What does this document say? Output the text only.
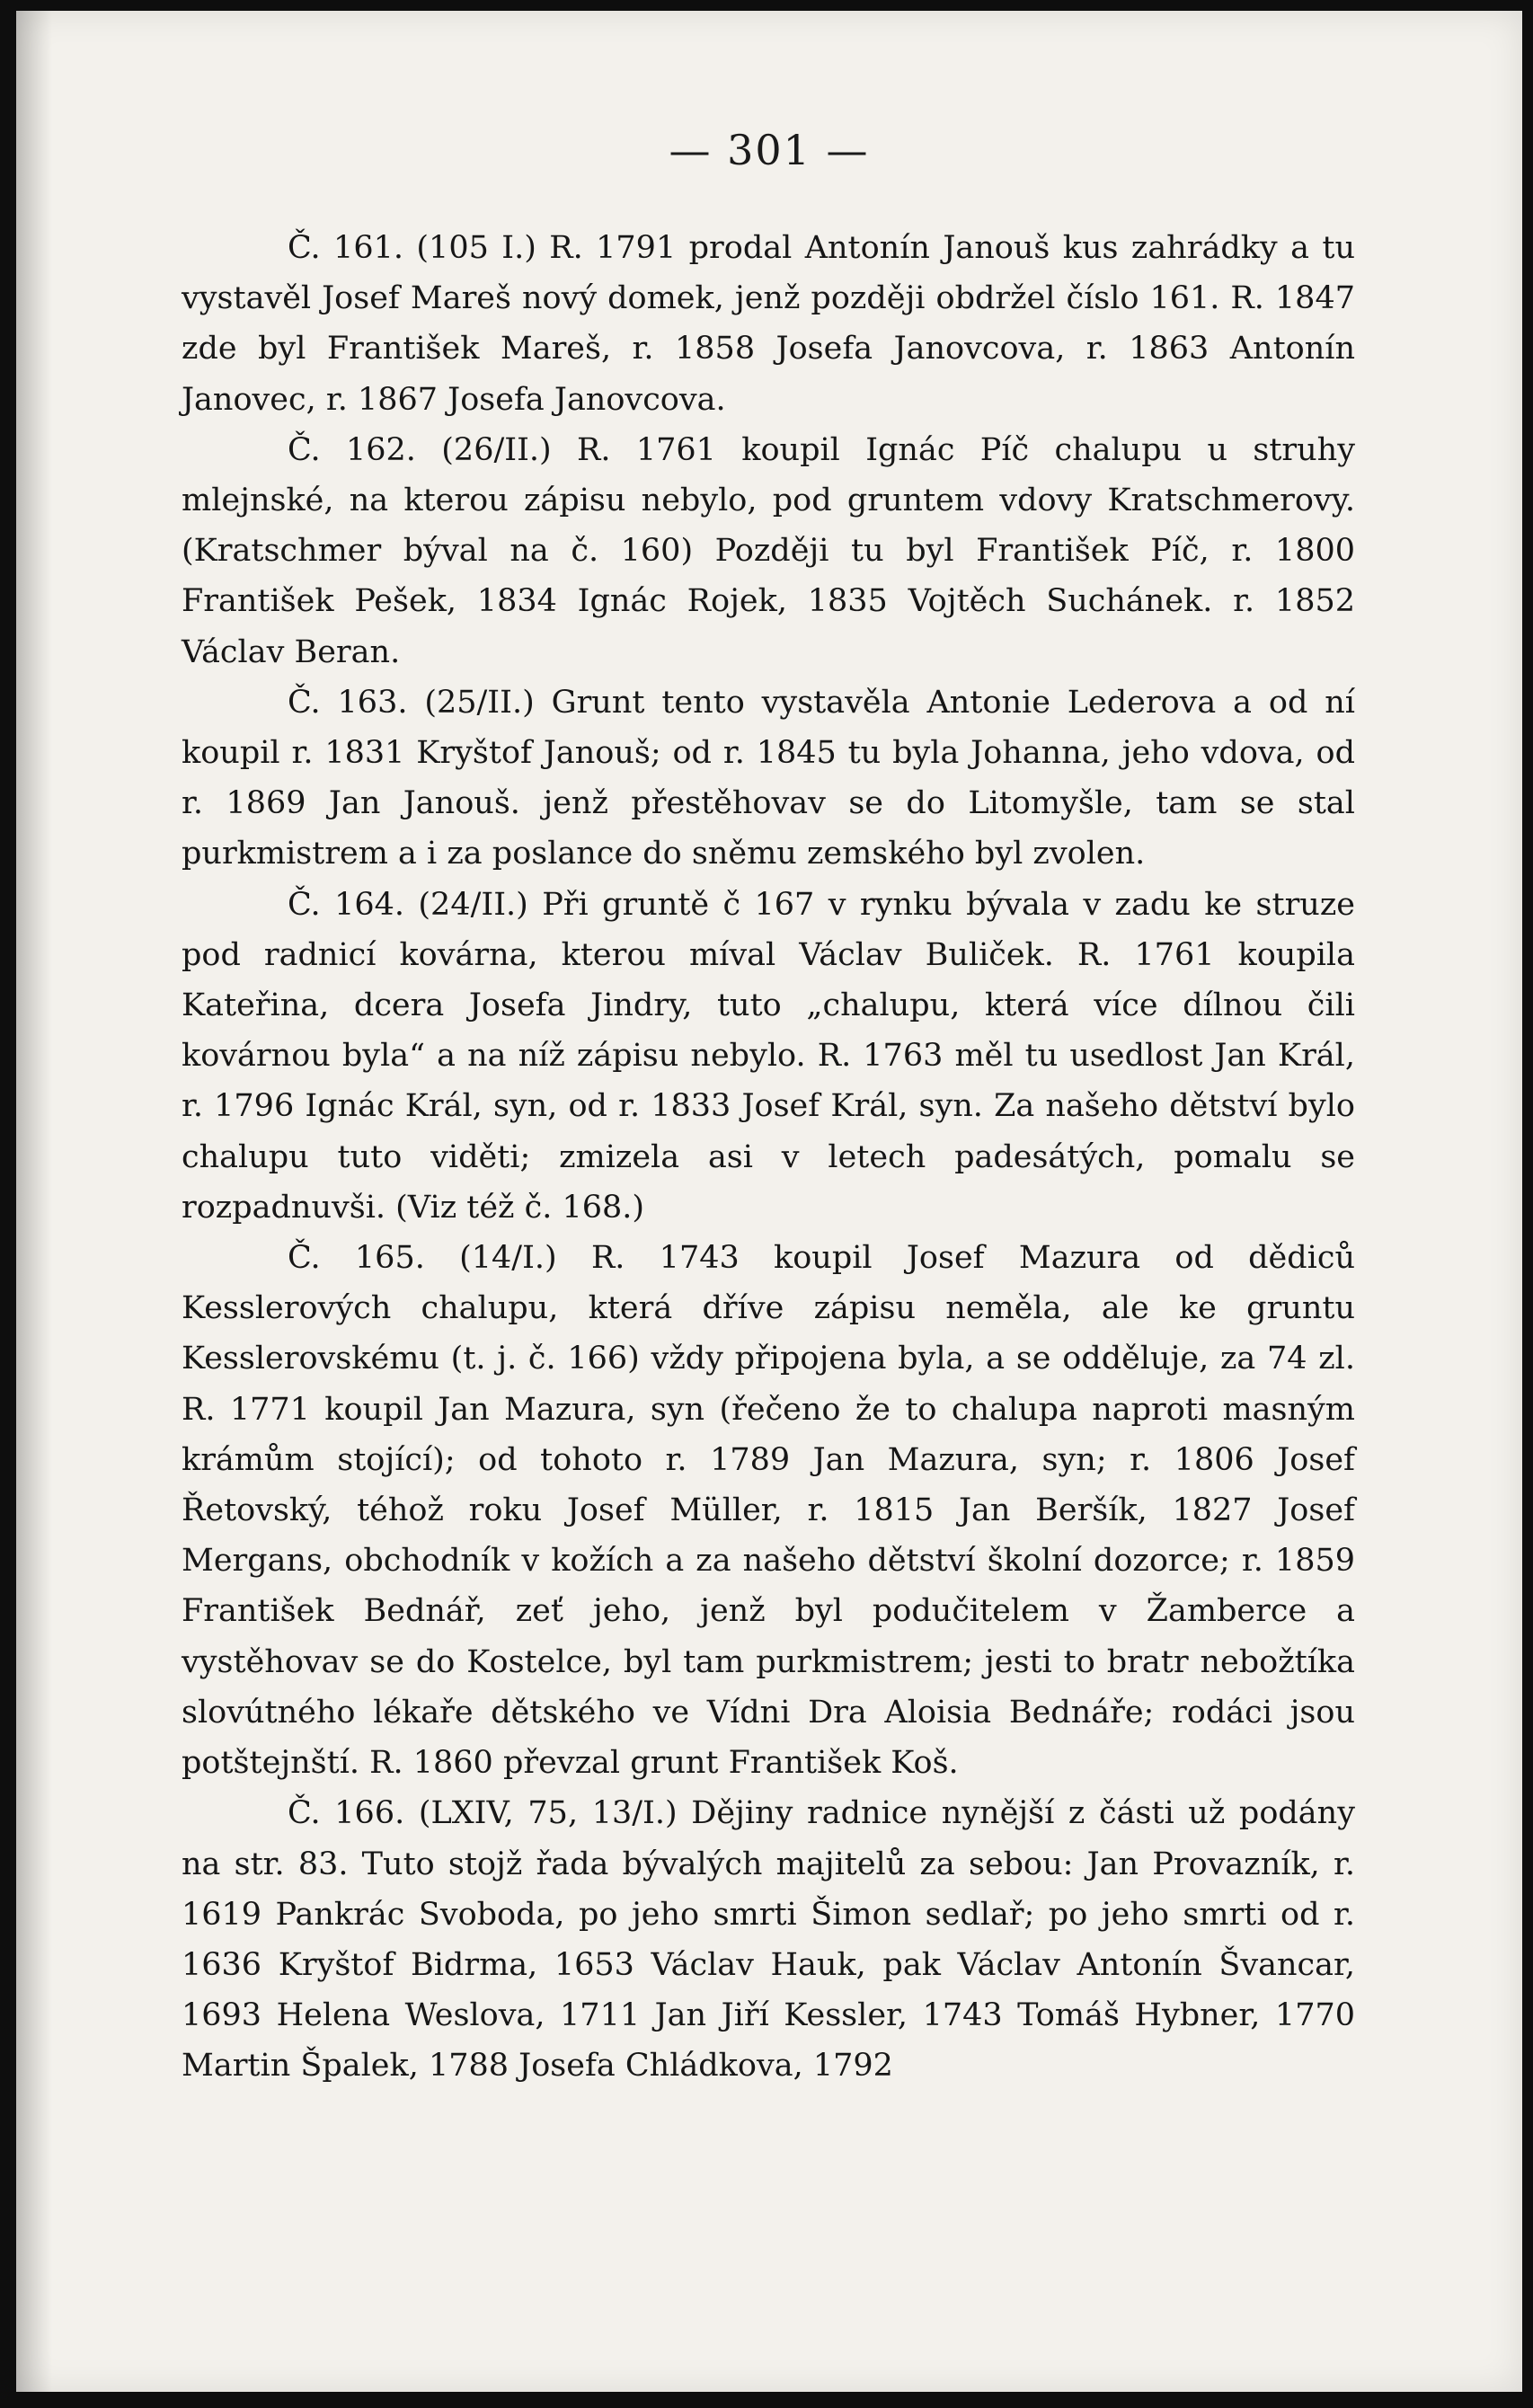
— 301 —

Č. 161. (105 I.) R. 1791 prodal Antonín Janouš kus zahrádky a tu vystavěl Josef Mareš nový domek, jenž později obdržel číslo 161. R. 1847 zde byl František Mareš, r. 1858 Josefa Janovcova, r. 1863 Antonín Janovec, r. 1867 Josefa Janovcova.

Č. 162. (26/II.) R. 1761 koupil Ignác Píč chalupu u struhy mlejnské, na kterou zápisu nebylo, pod gruntem vdovy Kratschmerovy. (Kratschmer býval na č. 160) Později tu byl František Píč, r. 1800 František Pešek, 1834 Ignác Rojek, 1835 Vojtěch Suchánek. r. 1852 Václav Beran.

Č. 163. (25/II.) Grunt tento vystavěla Antonie Lederova a od ní koupil r. 1831 Kryštof Janouš; od r. 1845 tu byla Johanna, jeho vdova, od r. 1869 Jan Janouš. jenž přestěhovav se do Litomyšle, tam se stal purkmistrem a i za poslance do sněmu zemského byl zvolen.

Č. 164. (24/II.) Při gruntě č 167 v rynku bývala v zadu ke struze pod radnicí kovárna, kterou míval Václav Buliček. R. 1761 koupila Kateřina, dcera Josefa Jindry, tuto „chalupu, která více dílnou čili kovárnou byla“ a na níž zápisu nebylo. R. 1763 měl tu usedlost Jan Král, r. 1796 Ignác Král, syn, od r. 1833 Josef Král, syn. Za našeho dětství bylo chalupu tuto viděti; zmizela asi v letech padesátých, pomalu se rozpadnuvši. (Viz též č. 168.)

Č. 165. (14/I.) R. 1743 koupil Josef Mazura od dědiců Kesslerových chalupu, která dříve zápisu neměla, ale ke gruntu Kesslerovskému (t. j. č. 166) vždy připojena byla, a se odděluje, za 74 zl. R. 1771 koupil Jan Mazura, syn (řečeno že to chalupa naproti masným krámům stojící); od tohoto r. 1789 Jan Mazura, syn; r. 1806 Josef Řetovský, téhož roku Josef Müller, r. 1815 Jan Beršík, 1827 Josef Mergans, obchodník v kožích a za našeho dětství školní dozorce; r. 1859 František Bednář, zeť jeho, jenž byl podučitelem v Žamberce a vystěhovav se do Kostelce, byl tam purkmistrem; jesti to bratr nebožtíka slovútného lékaře dětského ve Vídni Dra Aloisia Bednáře; rodáci jsou potštejnští. R. 1860 převzal grunt František Koš.

Č. 166. (LXIV, 75, 13/I.) Dějiny radnice nynější z části už podány na str. 83. Tuto stojž řada bývalých majitelů za sebou: Jan Provazník, r. 1619 Pankrác Svoboda, po jeho smrti Šimon sedlař; po jeho smrti od r. 1636 Kryštof Bidrma, 1653 Václav Hauk, pak Václav Antonín Švancar, 1693 Helena Weslova, 1711 Jan Jiří Kessler, 1743 Tomáš Hybner, 1770 Martin Špalek, 1788 Josefa Chládkova, 1792
